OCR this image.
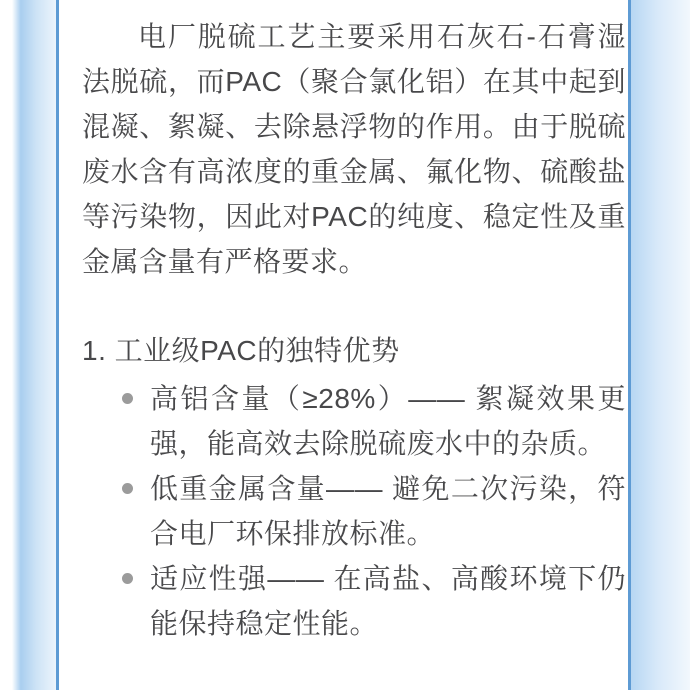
电厂脱硫工艺主要采用石灰石-石膏湿法脱硫，而PAC（聚合氯化铝）在其中起到混凝、絮凝、去除悬浮物的作用。由于脱硫废水含有高浓度的重金属、氟化物、硫酸盐等污染物，因此对PAC的纯度、稳定性及重金属含量有严格要求。

1. 工业级PAC的独特优势
高铝含量（≥28%）—— 絮凝效果更强，能高效去除脱硫废水中的杂质。
低重金属含量—— 避免二次污染，符合电厂环保排放标准。
适应性强—— 在高盐、高酸环境下仍能保持稳定性能。
